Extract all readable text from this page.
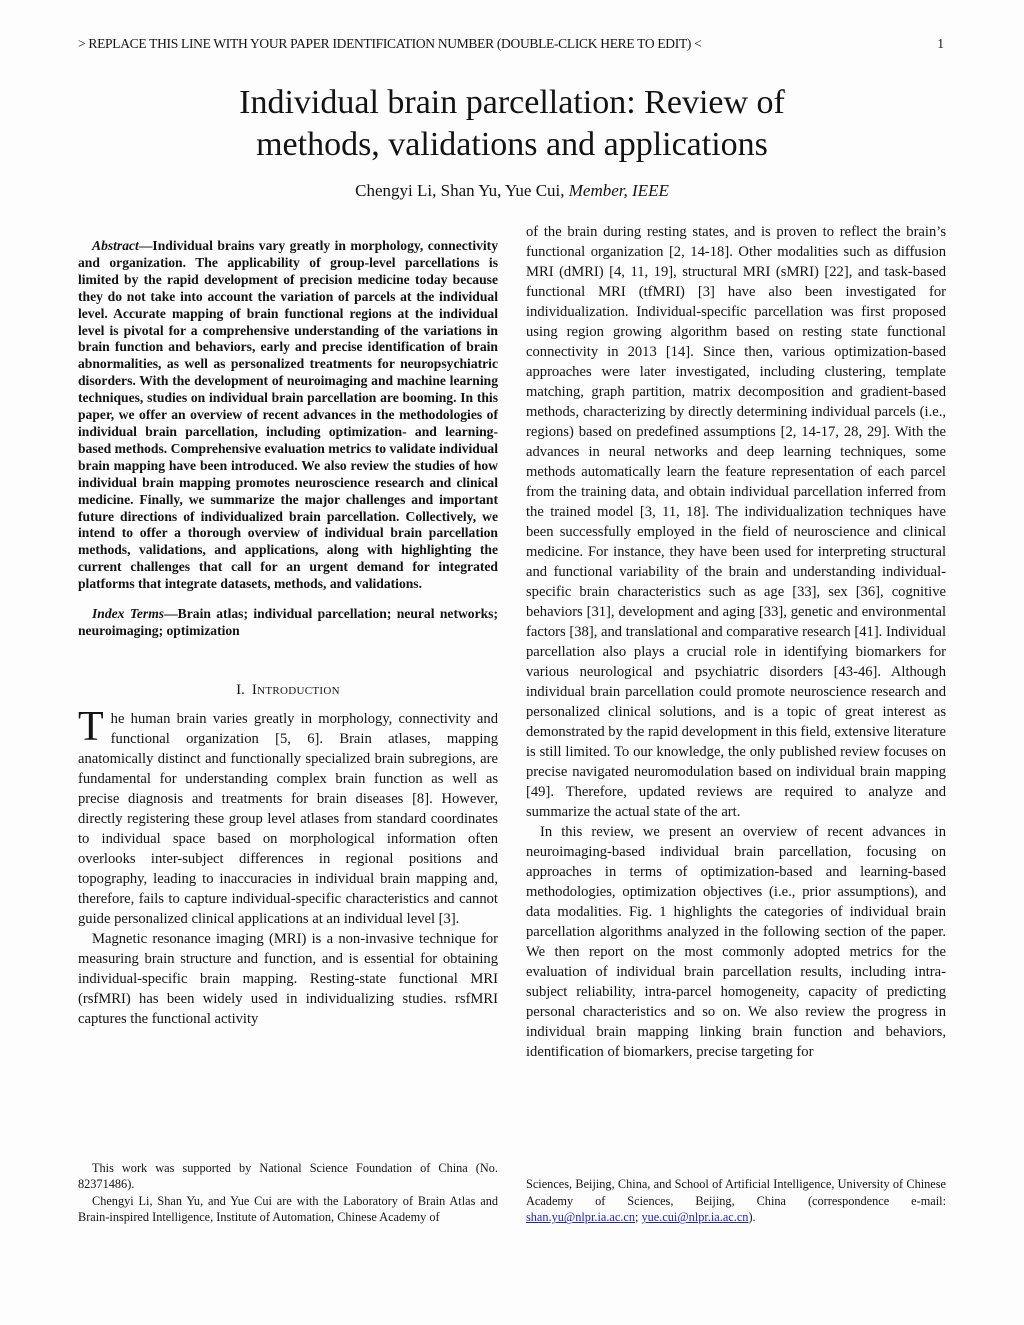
> REPLACE THIS LINE WITH YOUR PAPER IDENTIFICATION NUMBER (DOUBLE-CLICK HERE TO EDIT) <	1
Individual brain parcellation: Review of
methods, validations and applications
Chengyi Li, Shan Yu, Yue Cui, Member, IEEE

Abstract—Individual brains vary greatly in morphology, connectivity and organization. The applicability of group-level parcellations is limited by the rapid development of precision medicine today because they do not take into account the variation of parcels at the individual level. Accurate mapping of brain functional regions at the individual level is pivotal for a comprehensive understanding of the variations in brain function and behaviors, early and precise identification of brain abnormalities, as well as personalized treatments for neuropsychiatric disorders. With the development of neuroimaging and machine learning techniques, studies on individual brain parcellation are booming. In this paper, we offer an overview of recent advances in the methodologies of individual brain parcellation, including optimization- and learning-based methods. Comprehensive evaluation metrics to validate individual brain mapping have been introduced. We also review the studies of how individual brain mapping promotes neuroscience research and clinical medicine. Finally, we summarize the major challenges and important future directions of individualized brain parcellation. Collectively, we intend to offer a thorough overview of individual brain parcellation methods, validations, and applications, along with highlighting the current challenges that call for an urgent demand for integrated platforms that integrate datasets, methods, and validations.

Index Terms—Brain atlas; individual parcellation; neural networks; neuroimaging; optimization

I. Introduction

The human brain varies greatly in morphology, connectivity and functional organization [5, 6]. Brain atlases, mapping anatomically distinct and functionally specialized brain subregions, are fundamental for understanding complex brain function as well as precise diagnosis and treatments for brain diseases [8]. However, directly registering these group level atlases from standard coordinates to individual space based on morphological information often overlooks inter-subject differences in regional positions and topography, leading to inaccuracies in individual brain mapping and, therefore, fails to capture individual-specific characteristics and cannot guide personalized clinical applications at an individual level [3].

Magnetic resonance imaging (MRI) is a non-invasive technique for measuring brain structure and function, and is essential for obtaining individual-specific brain mapping. Resting-state functional MRI (rsfMRI) has been widely used in individualizing studies. rsfMRI captures the functional activity

This work was supported by National Science Foundation of China (No. 82371486).

Chengyi Li, Shan Yu, and Yue Cui are with the Laboratory of Brain Atlas and Brain-inspired Intelligence, Institute of Automation, Chinese Academy of

of the brain during resting states, and is proven to reflect the brain’s functional organization [2, 14-18]. Other modalities such as diffusion MRI (dMRI) [4, 11, 19], structural MRI (sMRI) [22], and task-based functional MRI (tfMRI) [3] have also been investigated for individualization. Individual-specific parcellation was first proposed using region growing algorithm based on resting state functional connectivity in 2013 [14]. Since then, various optimization-based approaches were later investigated, including clustering, template matching, graph partition, matrix decomposition and gradient-based methods, characterizing by directly determining individual parcels (i.e., regions) based on predefined assumptions [2, 14-17, 28, 29]. With the advances in neural networks and deep learning techniques, some methods automatically learn the feature representation of each parcel from the training data, and obtain individual parcellation inferred from the trained model [3, 11, 18]. The individualization techniques have been successfully employed in the field of neuroscience and clinical medicine. For instance, they have been used for interpreting structural and functional variability of the brain and understanding individual-specific brain characteristics such as age [33], sex [36], cognitive behaviors [31], development and aging [33], genetic and environmental factors [38], and translational and comparative research [41]. Individual parcellation also plays a crucial role in identifying biomarkers for various neurological and psychiatric disorders [43-46]. Although individual brain parcellation could promote neuroscience research and personalized clinical solutions, and is a topic of great interest as demonstrated by the rapid development in this field, extensive literature is still limited. To our knowledge, the only published review focuses on precise navigated neuromodulation based on individual brain mapping [49]. Therefore, updated reviews are required to analyze and summarize the actual state of the art.

In this review, we present an overview of recent advances in neuroimaging-based individual brain parcellation, focusing on approaches in terms of optimization-based and learning-based methodologies, optimization objectives (i.e., prior assumptions), and data modalities. Fig. 1 highlights the categories of individual brain parcellation algorithms analyzed in the following section of the paper. We then report on the most commonly adopted metrics for the evaluation of individual brain parcellation results, including intra-subject reliability, intra-parcel homogeneity, capacity of predicting personal characteristics and so on. We also review the progress in individual brain mapping linking brain function and behaviors, identification of biomarkers, precise targeting for

Sciences, Beijing, China, and School of Artificial Intelligence, University of Chinese Academy of Sciences, Beijing, China (correspondence e-mail: shan.yu@nlpr.ia.ac.cn; yue.cui@nlpr.ia.ac.cn).
